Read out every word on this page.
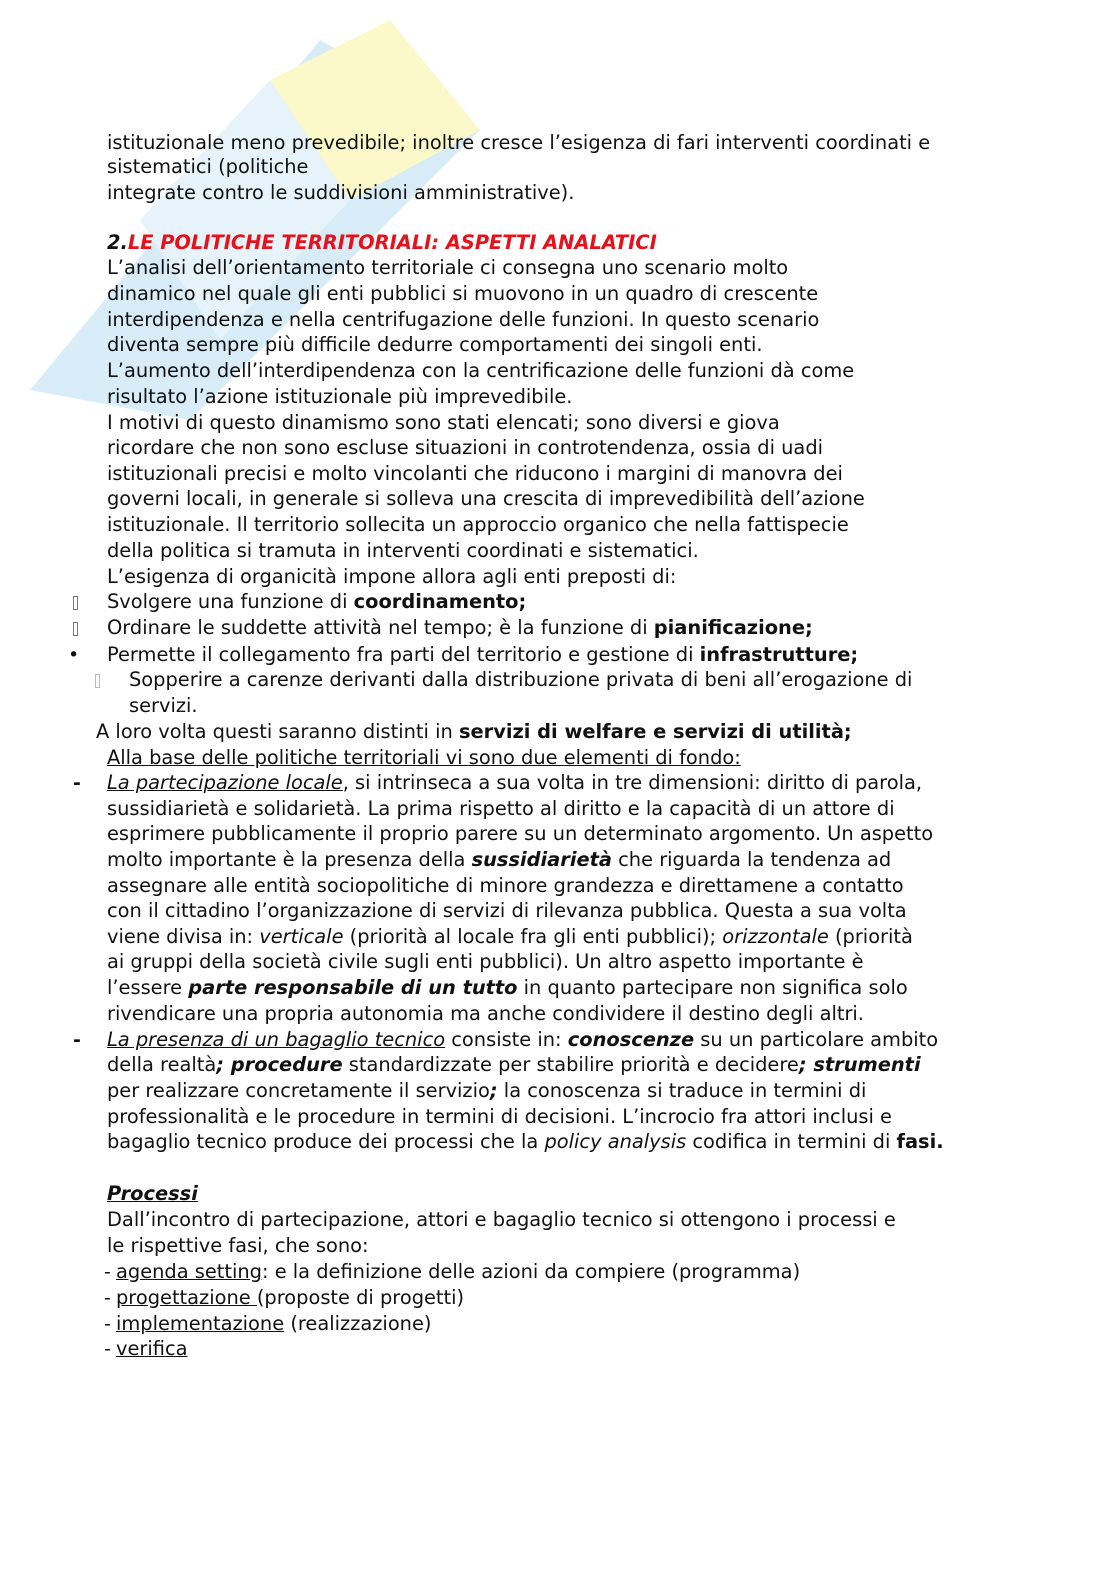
istituzionale meno prevedibile; inoltre cresce l’esigenza di fari interventi coordinati e
sistematici (politiche
integrate contro le suddivisioni amministrative).
2.LE POLITICHE TERRITORIALI: ASPETTI ANALATICI
L’analisi dell’orientamento territoriale ci consegna uno scenario molto
dinamico nel quale gli enti pubblici si muovono in un quadro di crescente
interdipendenza e nella centrifugazione delle funzioni. In questo scenario
diventa sempre più difficile dedurre comportamenti dei singoli enti.
L’aumento dell’interdipendenza con la centrificazione delle funzioni dà come
risultato l’azione istituzionale più imprevedibile.
I motivi di questo dinamismo sono stati elencati; sono diversi e giova
ricordare che non sono escluse situazioni in controtendenza, ossia di uadi
istituzionali precisi e molto vincolanti che riducono i margini di manovra dei
governi locali, in generale si solleva una crescita di imprevedibilità dell’azione
istituzionale. Il territorio sollecita un approccio organico che nella fattispecie
della politica si tramuta in interventi coordinati e sistematici.
L’esigenza di organicità impone allora agli enti preposti di:
Svolgere una funzione di coordinamento;
Ordinare le suddette attività nel tempo; è la funzione di pianificazione;
• Permette il collegamento fra parti del territorio e gestione di infrastrutture;
Sopperire a carenze derivanti dalla distribuzione privata di beni all’erogazione di
servizi.
A loro volta questi saranno distinti in servizi di welfare e servizi di utilità;
Alla base delle politiche territoriali vi sono due elementi di fondo:
- La partecipazione locale, si intrinseca a sua volta in tre dimensioni: diritto di parola,
sussidiarietà e solidarietà. La prima rispetto al diritto e la capacità di un attore di
esprimere pubblicamente il proprio parere su un determinato argomento. Un aspetto
molto importante è la presenza della sussidiarietà che riguarda la tendenza ad
assegnare alle entità sociopolitiche di minore grandezza e direttamene a contatto
con il cittadino l’organizzazione di servizi di rilevanza pubblica. Questa a sua volta
viene divisa in: verticale (priorità al locale fra gli enti pubblici); orizzontale (priorità
ai gruppi della società civile sugli enti pubblici). Un altro aspetto importante è
l’essere parte responsabile di un tutto in quanto partecipare non significa solo
rivendicare una propria autonomia ma anche condividere il destino degli altri.
- La presenza di un bagaglio tecnico consiste in: conoscenze su un particolare ambito
della realtà; procedure standardizzate per stabilire priorità e decidere; strumenti
per realizzare concretamente il servizio; la conoscenza si traduce in termini di
professionalità e le procedure in termini di decisioni. L’incrocio fra attori inclusi e
bagaglio tecnico produce dei processi che la policy analysis codifica in termini di fasi.
Processi
Dall’incontro di partecipazione, attori e bagaglio tecnico si ottengono i processi e
le rispettive fasi, che sono:
- agenda setting: e la definizione delle azioni da compiere (programma)
- progettazione (proposte di progetti)
- implementazione (realizzazione)
- verifica
